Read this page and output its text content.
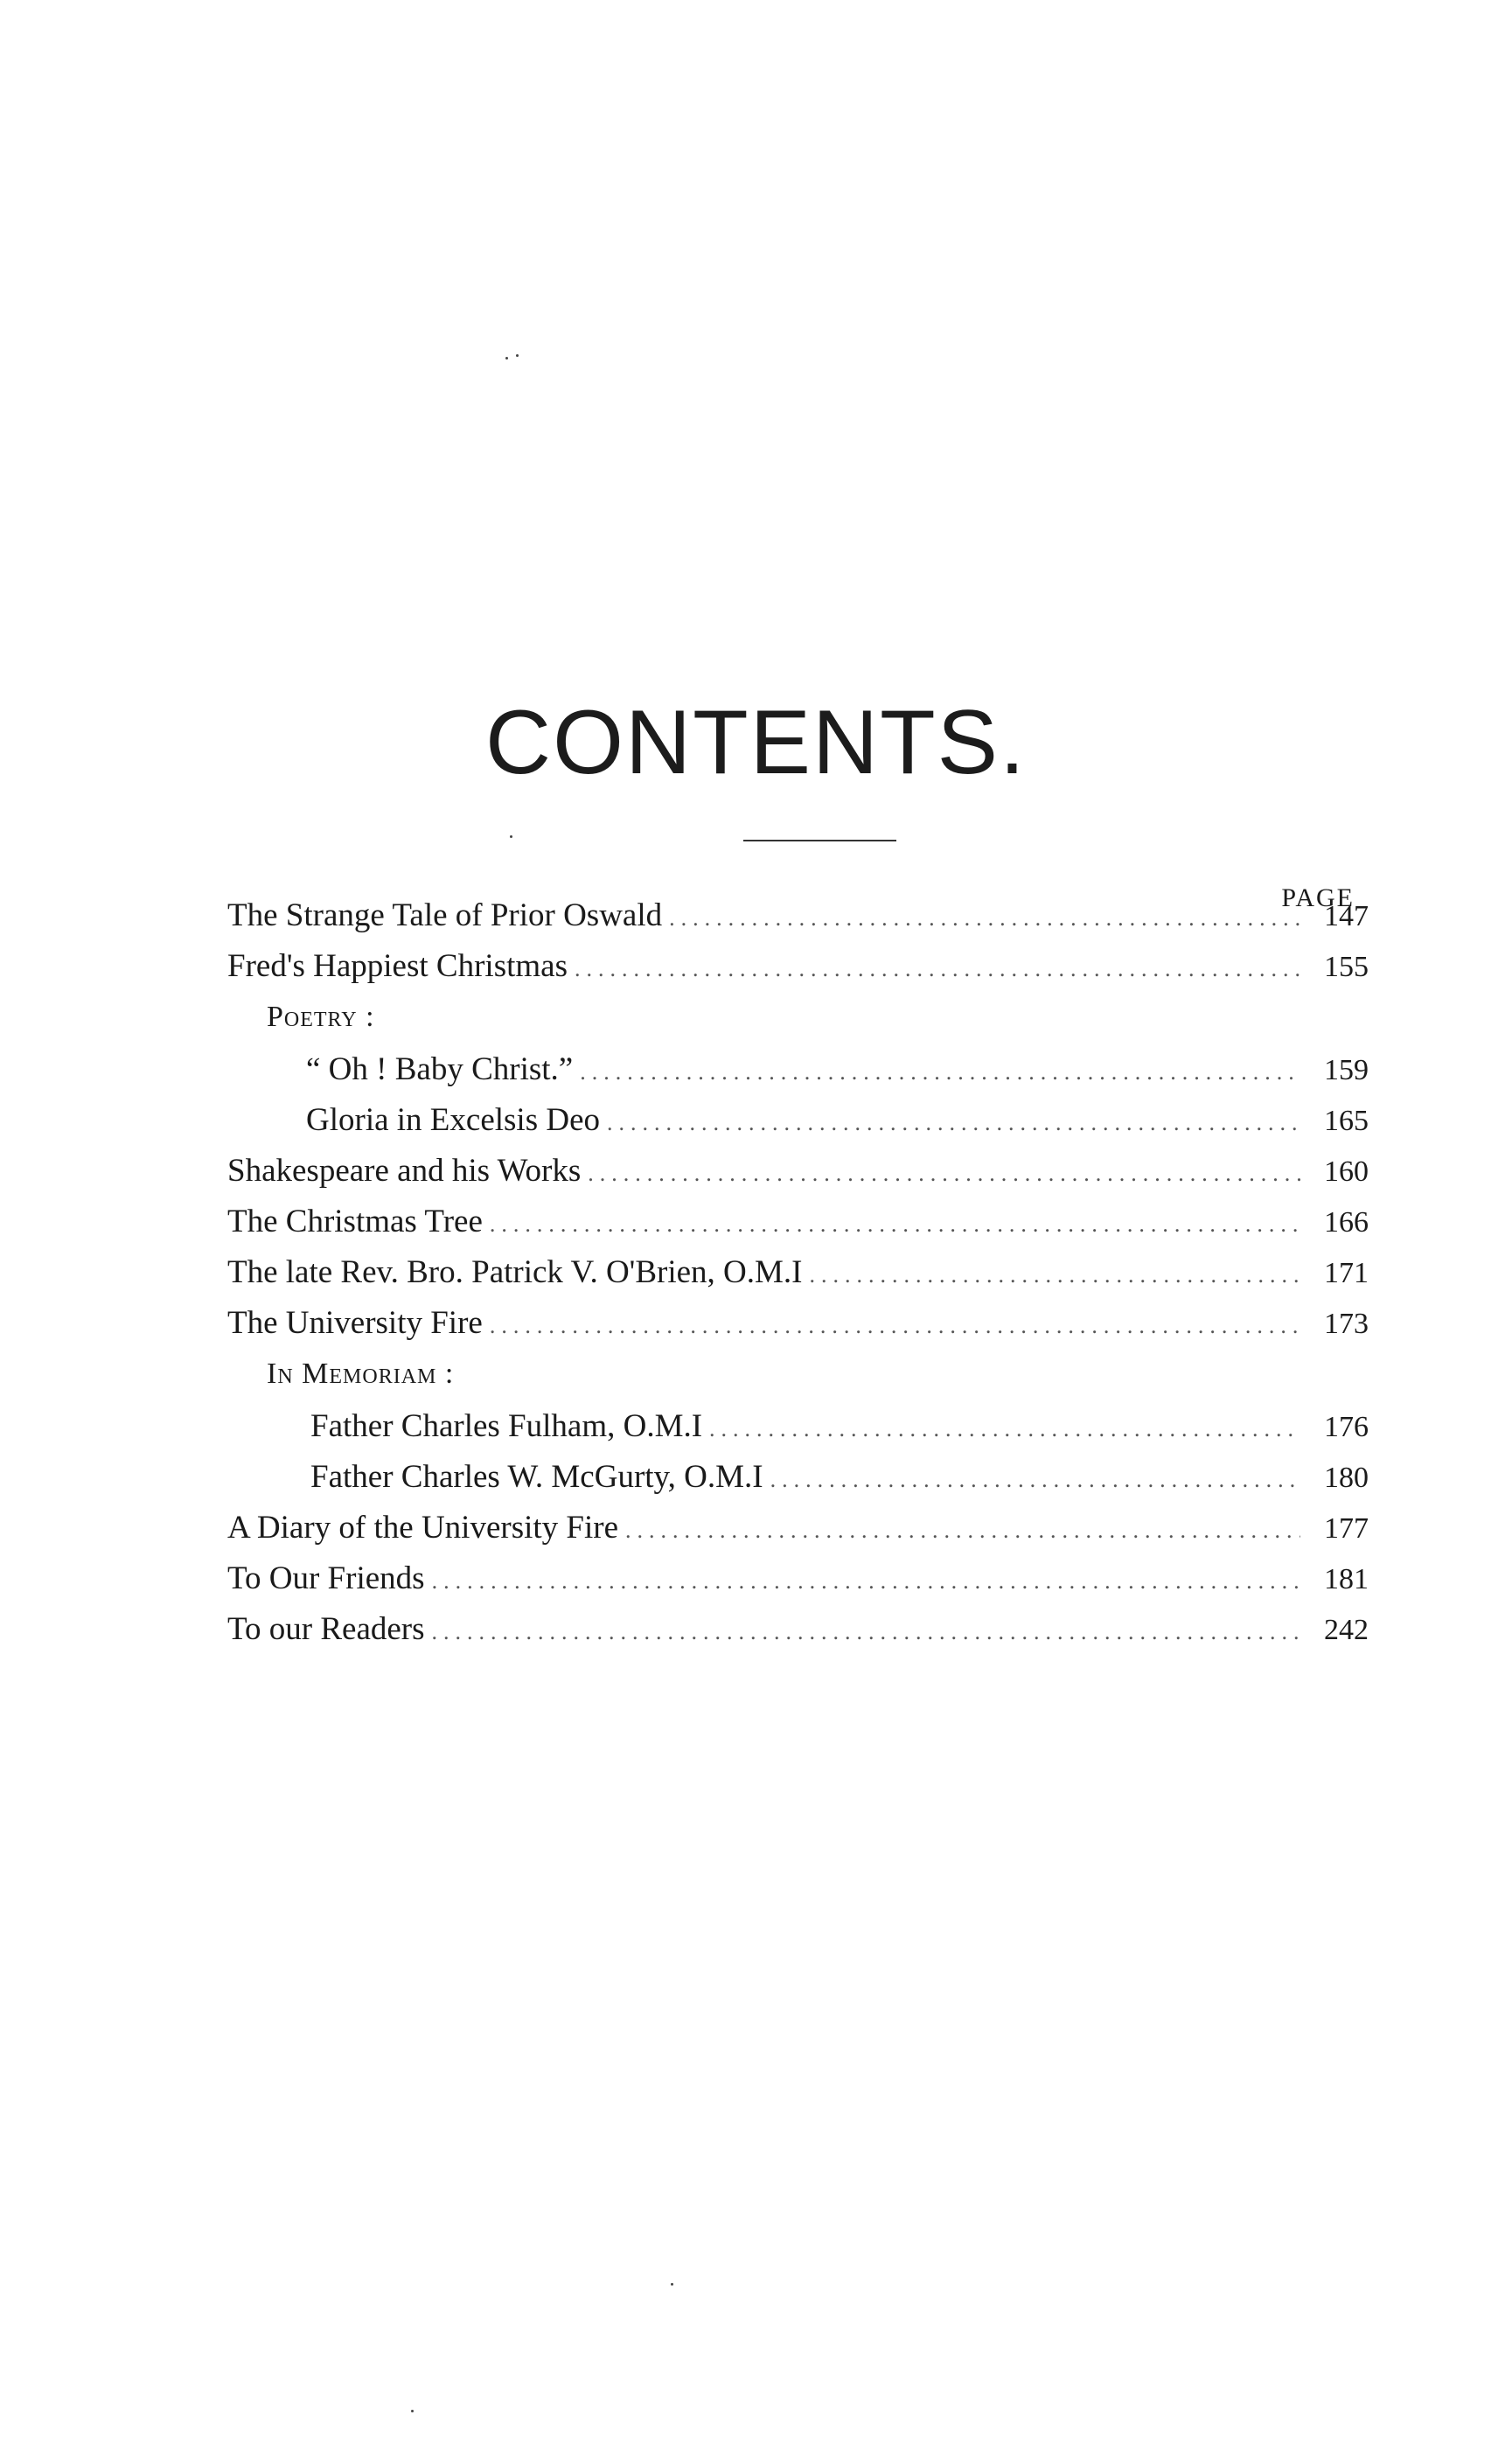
CONTENTS.
PAGE
The Strange Tale of Prior Oswald .....	147
Fred's Happiest Christmas .....	155
Poetry :
“ Oh ! Baby Christ.” .....	159
Gloria in Excelsis Deo .....	165
Shakespeare and his Works .....	160
The Christmas Tree .....	166
The late Rev. Bro. Patrick V. O'Brien, O.M.I .....	171
The University Fire .....	173
In Memoriam :
Father Charles Fulham, O.M.I .....	176
Father Charles W. McGurty, O.M.I .....	180
A Diary of the University Fire .....	177
To Our Friends .....	181
To our Readers .....	242
